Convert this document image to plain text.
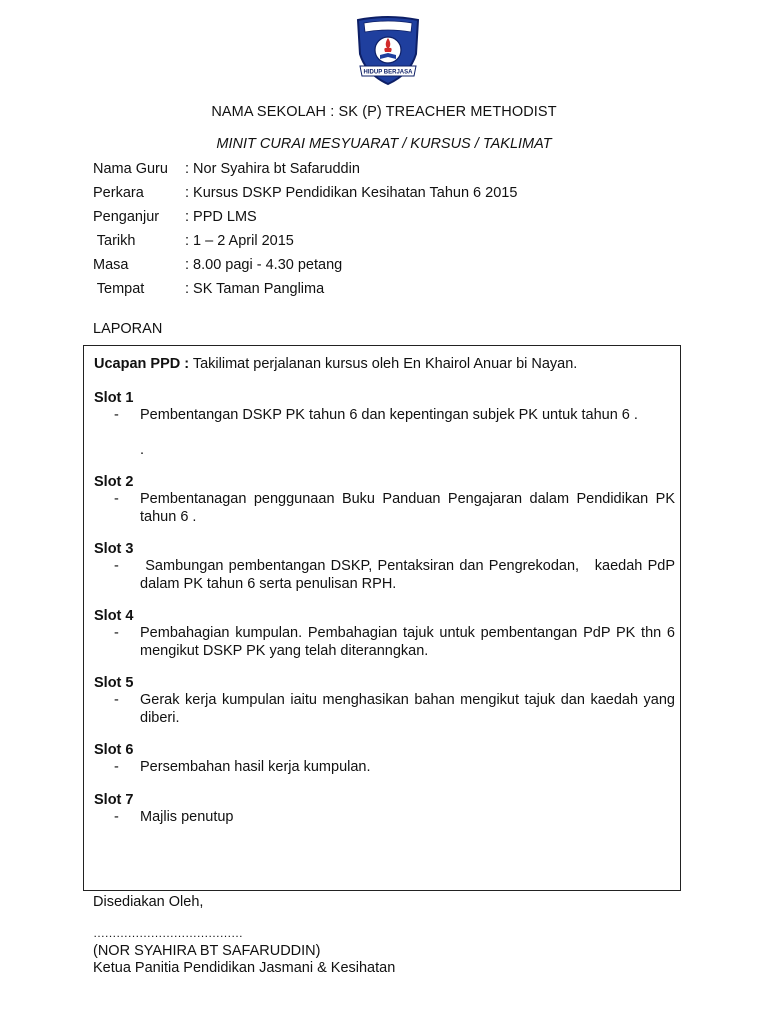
HIDUP BERJASA
NAMA SEKOLAH : SK (P) TREACHER METHODIST
MINIT CURAI MESYUARAT / KURSUS / TAKLIMAT
Nama Guru : Nor Syahira bt Safaruddin
Perkara	: Kursus DSKP Pendidikan Kesihatan Tahun 6 2015
Penganjur : PPD LMS
Tarikh	: 1 – 2 April 2015
Masa	: 8.00 pagi - 4.30 petang
Tempat	: SK Taman Panglima
LAPORAN
Ucapan PPD : Takilimat perjalanan kursus oleh En Khairol Anuar bi Nayan.
Slot 1
- Pembentangan DSKP PK tahun 6 dan kepentingan subjek PK untuk tahun 6 .
.
Slot 2
- Pembentanagan penggunaan Buku Panduan Pengajaran dalam Pendidikan PK tahun 6 .
Slot 3
- Sambungan pembentangan DSKP, Pentaksiran dan Pengrekodan,   kaedah PdP dalam PK tahun 6 serta penulisan RPH.
Slot 4
- Pembahagian kumpulan. Pembahagian tajuk untuk pembentangan PdP PK thn 6 mengikut DSKP PK yang telah diteranngkan.
Slot 5
- Gerak kerja kumpulan iaitu menghasikan bahan mengikut tajuk dan kaedah yang diberi.
Slot 6
- Persembahan hasil kerja kumpulan.
Slot 7
- Majlis penutup
Disediakan Oleh,
…………………………………
(NOR SYAHIRA BT SAFARUDDIN)
Ketua Panitia Pendidikan Jasmani & Kesihatan
